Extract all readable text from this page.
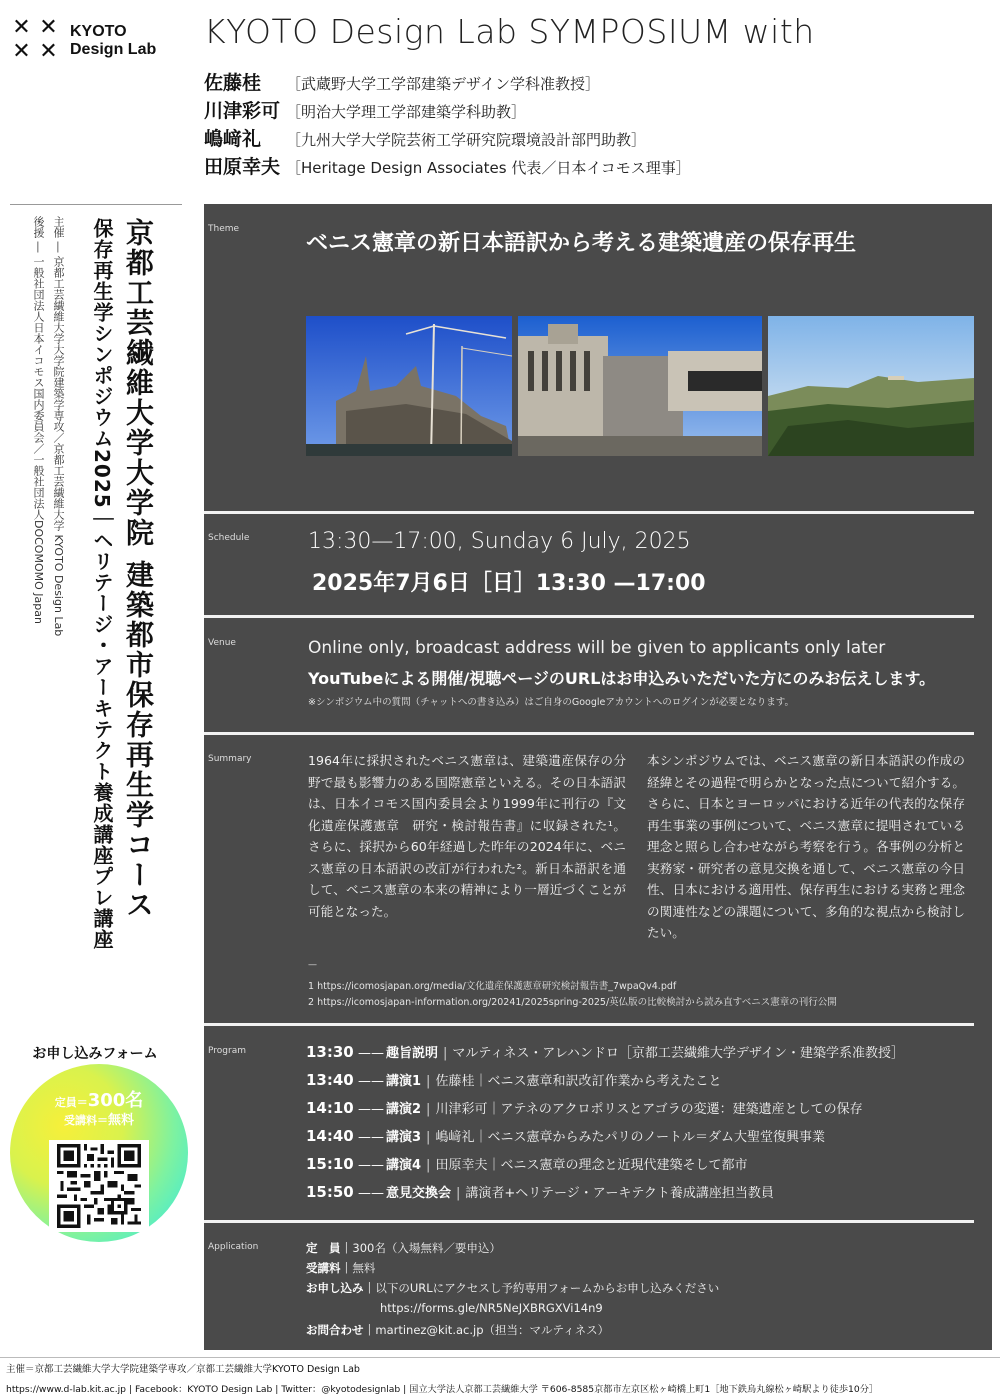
✕ ✕
✕ ✕
KYOTO
Design Lab KYOTO Design Lab SYMPOSIUM with
佐藤桂	［武蔵野大学工学部建築デザイン学科准教授］
川津彩可 ［明治大学理工学部建築学科助教］
嶋﨑礼	［九州大学大学院芸術工学研究院環境設計部門助教］
田原幸夫 ［Heritage Design Associates 代表／日本イコモス理事］
京都工芸繊維大学大学院 建築都市保存再生学コース
保存再生学シンポジウム2025｜ヘリテージ・アーキテクト養成講座プレ講座
主催 ― 京都工芸繊維大学大学院建築学専攻／京都工芸繊維大学 KYOTO Design Lab
後援 ― 一般社団法人日本イコモス国内委員会／一般社団法人DOCOMOMO Japan
お申し込みフォーム
定員＝300名
受講料＝無料
Theme
ベニス憲章の新日本語訳から考える建築遺産の保存再生
Schedule	13:30—17:00, Sunday 6 July, 2025
2025年7月6日［日］13:30 —17:00
Venue	Online only, broadcast address will be given to applicants only later
YouTubeによる開催/視聴ページのURLはお申込みいただいた方にのみお伝えします。
※シンポジウム中の質問（チャットへの書き込み）はご自身のGoogleアカウントへのログインが必要となります。
Summary	1964年に採択されたベニス憲章は、建築遺産保存の分野で最も影響力のある国際憲章といえる。その日本語訳は、日本イコモス国内委員会より1999年に刊行の『文化遺産保護憲章　研究・検討報告書』に収録された¹。さらに、採択から60年経過した昨年の2024年に、ベニス憲章の日本語訳の改訂が行われた²。新日本語訳を通して、ベニス憲章の本来の精神により一層近づくことが可能となった。
本シンポジウムでは、ベニス憲章の新日本語訳の作成の経緯とその過程で明らかとなった点について紹介する。さらに、日本とヨーロッパにおける近年の代表的な保存再生事業の事例について、ベニス憲章に提唱されている理念と照らし合わせながら考察を行う。各事例の分析と実務家・研究者の意見交換を通して、ベニス憲章の今日性、日本における適用性、保存再生における実務と理念の関連性などの課題について、多角的な視点から検討したい。
—
1 https://icomosjapan.org/media/文化遺産保護憲章研究検討報告書_7wpaQv4.pdf
2 https://icomosjapan-information.org/20241/2025spring-2025/英仏版の比較検討から読み直すベニス憲章の刊行公開
Program	13:30 —— 趣旨説明 | マルティネス・アレハンドロ［京都工芸繊維大学デザイン・建築学系准教授］
13:40 —— 講演1 | 佐藤桂｜ベニス憲章和訳改訂作業から考えたこと
14:10 —— 講演2 | 川津彩可｜アテネのアクロポリスとアゴラの変遷：建築遺産としての保存
14:40 —— 講演3 | 嶋﨑礼｜ベニス憲章からみたパリのノートル＝ダム大聖堂復興事業
15:10 —— 講演4 | 田原幸夫｜ベニス憲章の理念と近現代建築そして都市
15:50 —— 意見交換会 | 講演者+ヘリテージ・アーキテクト養成講座担当教員
Application	定　員 | 300名（入場無料／要申込）
受講料 | 無料
お申し込み | 以下のURLにアクセスし予約専用フォームからお申し込みください
https://forms.gle/NR5NeJXBRGXVi14n9
お問合わせ | martinez@kit.ac.jp（担当：マルティネス）
主催＝京都工芸繊維大学大学院建築学専攻／京都工芸繊維大学KYOTO Design Lab
https://www.d-lab.kit.ac.jp | Facebook：KYOTO Design Lab | Twitter：@kyotodesignlab | 国立大学法人京都工芸繊維大学 〒606-8585京都市左京区松ヶ崎橋上町1［地下鉄烏丸線松ヶ崎駅より徒歩10分］
